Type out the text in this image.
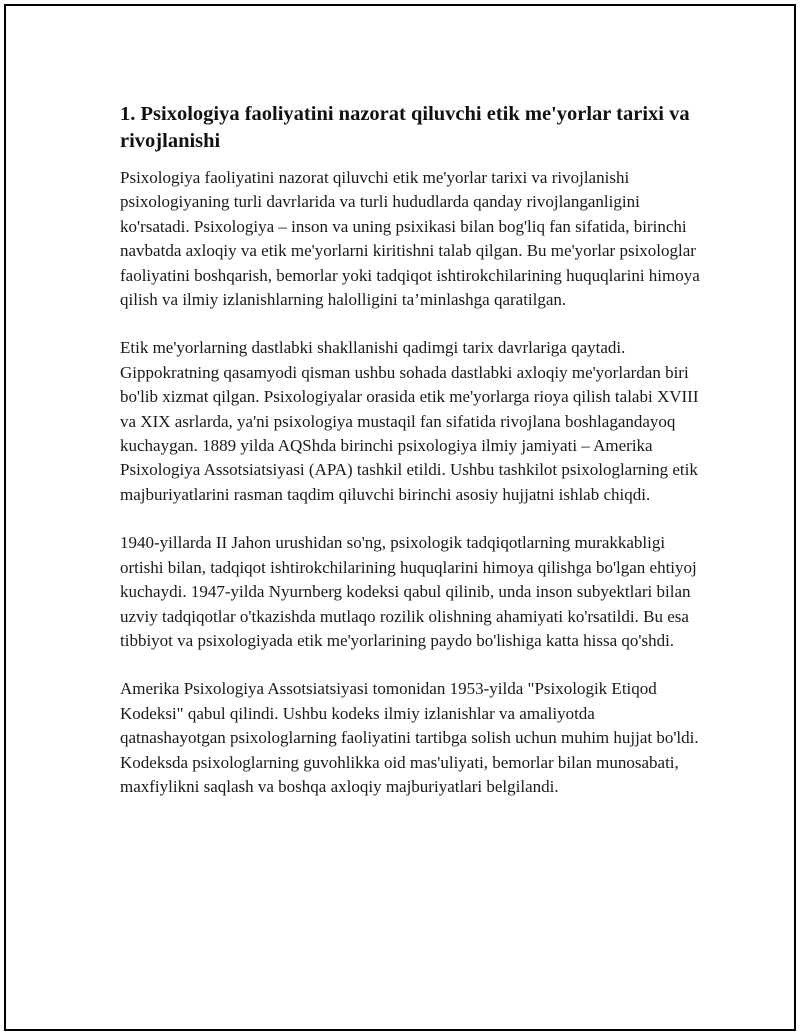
1. Psixologiya faoliyatini nazorat qiluvchi etik me'yorlar tarixi va rivojlanishi

Psixologiya faoliyatini nazorat qiluvchi etik me'yorlar tarixi va rivojlanishi psixologiyaning turli davrlarida va turli hududlarda qanday rivojlanganligini ko'rsatadi. Psixologiya – inson va uning psixikasi bilan bog'liq fan sifatida, birinchi navbatda axloqiy va etik me'yorlarni kiritishni talab qilgan. Bu me'yorlar psixologlar faoliyatini boshqarish, bemorlar yoki tadqiqot ishtirokchilarining huquqlarini himoya qilish va ilmiy izlanishlarning halolligini ta’minlashga qaratilgan.

Etik me'yorlarning dastlabki shakllanishi qadimgi tarix davrlariga qaytadi. Gippokratning qasamyodi qisman ushbu sohada dastlabki axloqiy me'yorlardan biri bo'lib xizmat qilgan. Psixologiyalar orasida etik me'yorlarga rioya qilish talabi XVIII va XIX asrlarda, ya'ni psixologiya mustaqil fan sifatida rivojlana boshlagandayoq kuchaygan. 1889 yilda AQShda birinchi psixologiya ilmiy jamiyati – Amerika Psixologiya Assotsiatsiyasi (APA) tashkil etildi. Ushbu tashkilot psixologlarning etik majburiyatlarini rasman taqdim qiluvchi birinchi asosiy hujjatni ishlab chiqdi.

1940-yillarda II Jahon urushidan so'ng, psixologik tadqiqotlarning murakkabligi ortishi bilan, tadqiqot ishtirokchilarining huquqlarini himoya qilishga bo'lgan ehtiyoj kuchaydi. 1947-yilda Nyurnberg kodeksi qabul qilinib, unda inson subyektlari bilan uzviy tadqiqotlar o'tkazishda mutlaqo rozilik olishning ahamiyati ko'rsatildi. Bu esa tibbiyot va psixologiyada etik me'yorlarining paydo bo'lishiga katta hissa qo'shdi.

Amerika Psixologiya Assotsiatsiyasi tomonidan 1953-yilda "Psixologik Etiqod Kodeksi" qabul qilindi. Ushbu kodeks ilmiy izlanishlar va amaliyotda qatnashayotgan psixologlarning faoliyatini tartibga solish uchun muhim hujjat bo'ldi. Kodeksda psixologlarning guvohlikka oid mas'uliyati, bemorlar bilan munosabati, maxfiylikni saqlash va boshqa axloqiy majburiyatlari belgilandi.
